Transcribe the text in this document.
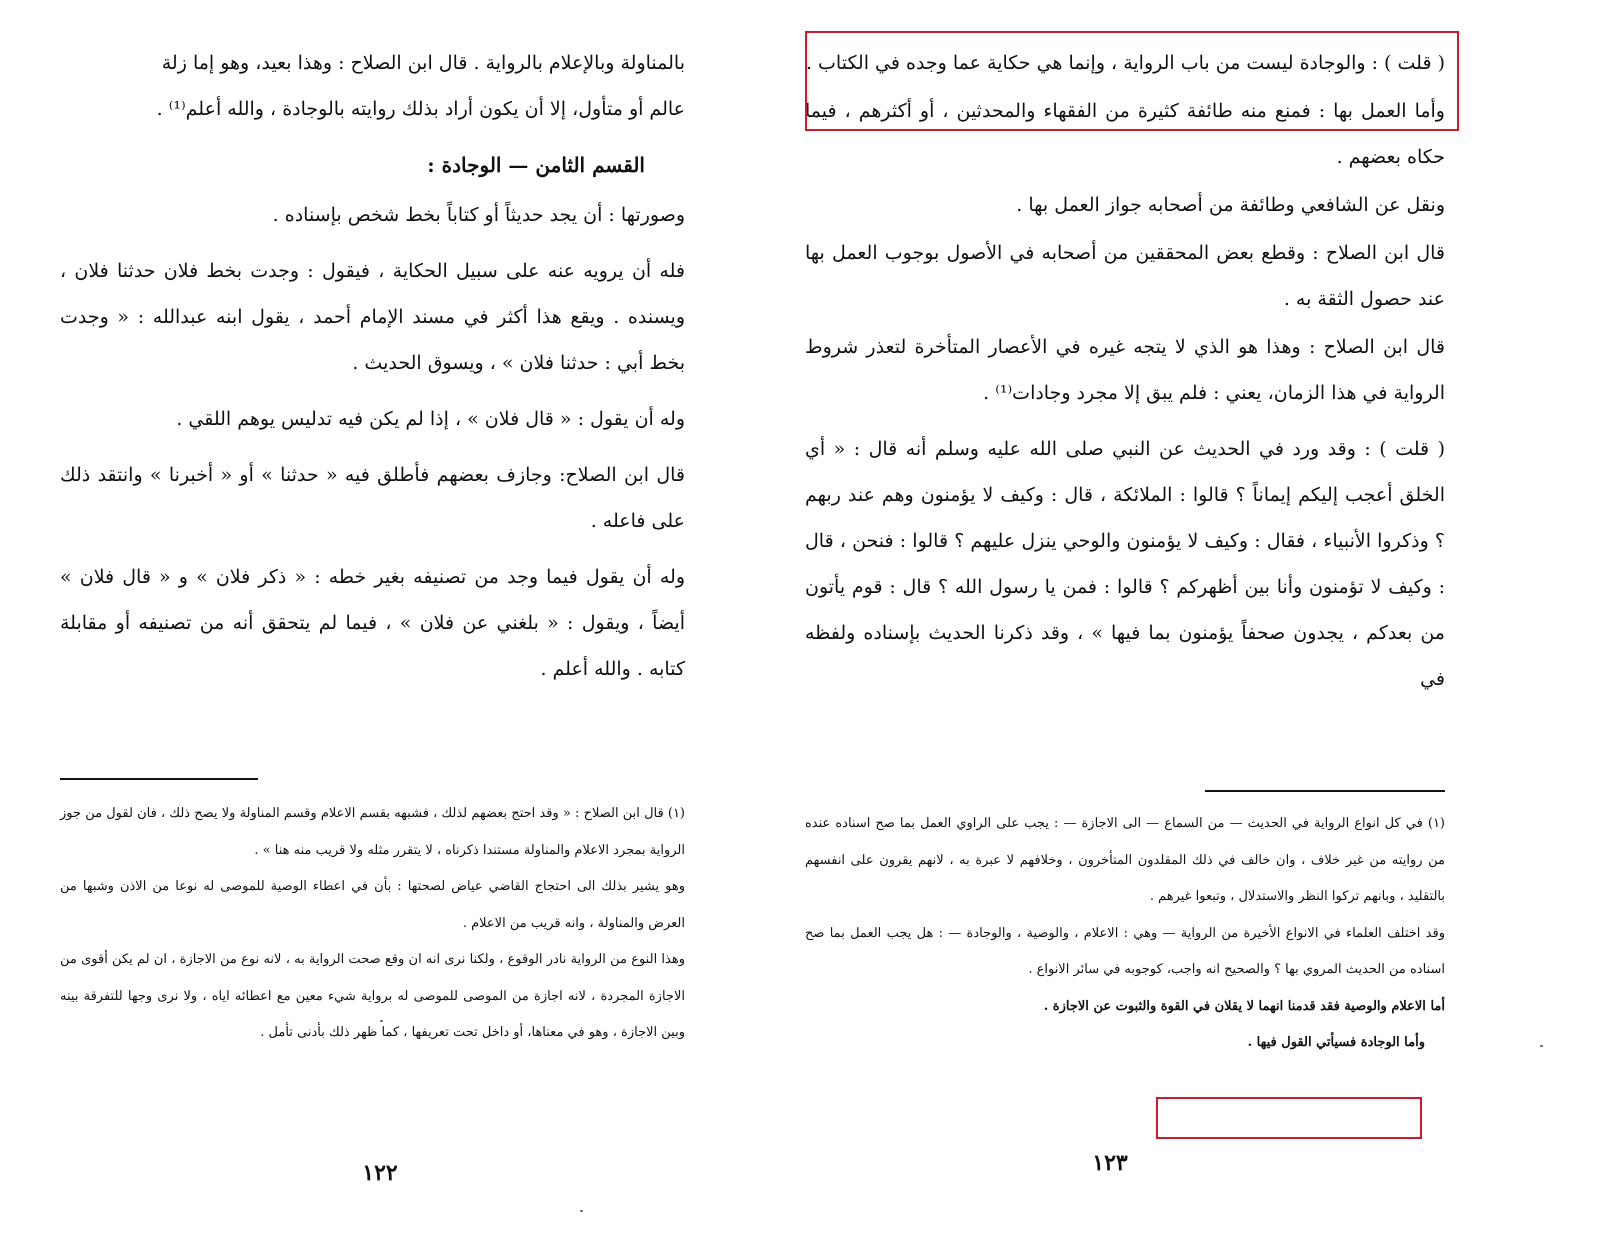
بالمناولة وبالإعلام بالرواية . قال ابن الصلاح : وهذا بعيد، وهو إما زلة

عالم أو متأول، إلا أن يكون أراد بذلك روايته بالوجادة ، والله أعلم⁽¹⁾ .

القسم الثامن — الوجادة :

وصورتها : أن يجد حديثاً أو كتاباً بخط شخص بإسناده .

فله أن يرويه عنه على سبيل الحكاية ، فيقول : وجدت بخط فلان حدثنا فلان ، ويسنده . ويقع هذا أكثر في مسند الإمام أحمد ، يقول ابنه عبدالله : « وجدت بخط أبي : حدثنا فلان » ، ويسوق الحديث .

وله أن يقول : « قال فلان » ، إذا لم يكن فيه تدليس يوهم اللقي .

قال ابن الصلاح: وجازف بعضهم فأطلق فيه « حدثنا » أو « أخبرنا » وانتقد ذلك على فاعله .

وله أن يقول فيما وجد من تصنيفه بغير خطه : « ذكر فلان » و « قال فلان » أيضاً ، ويقول : « بلغني عن فلان » ، فيما لم يتحقق أنه من تصنيفه أو مقابلة كتابه . والله أعلم .

(١) قال ابن الصلاح : « وقد احتج بعضهم لذلك ، فشبهه بقسم الاعلام وقسم المناولة ولا يصح ذلك ، فان لقول من جوز الرواية بمجرد الاعلام والمناولة مستندا ذكرناه ، لا يتقرر مثله ولا قريب منه هنا » .

وهو يشير بذلك الى احتجاج القاضي عياض لصحتها : بأن في اعطاء الوصية للموصى له نوعا من الاذن وشبها من العرض والمناولة ، وانه قريب من الاعلام .

وهذا النوع من الرواية نادر الوقوع ، ولكنا نرى انه ان وقع صحت الرواية به ، لانه نوع من الاجازة ، ان لم يكن أقوى من الاجازة المجردة ، لانه اجازة من الموصى للموصى له برواية شيء معين مع اعطائه اياه ، ولا نرى وجها للتفرقة بينه وبين الاجازة ، وهو في معناها، أو داخل تحت تعريفها ، كما ظهر ذلك بأدنى تأمل .

١٢٢

( قلت ) : والوجادة ليست من باب الرواية ، وإنما هي حكاية عما وجده في الكتاب .

وأما العمل بها : فمنع منه طائفة كثيرة من الفقهاء والمحدثين ، أو أكثرهم ، فيما حكاه بعضهم .

ونقل عن الشافعي وطائفة من أصحابه جواز العمل بها .

قال ابن الصلاح : وقطع بعض المحققين من أصحابه في الأصول بوجوب العمل بها عند حصول الثقة به .

قال ابن الصلاح : وهذا هو الذي لا يتجه غيره في الأعصار المتأخرة لتعذر شروط الرواية في هذا الزمان، يعني : فلم يبق إلا مجرد وجادات⁽¹⁾ .

( قلت ) : وقد ورد في الحديث عن النبي صلى الله عليه وسلم أنه قال : « أي الخلق أعجب إليكم إيماناً ؟ قالوا : الملائكة ، قال : وكيف لا يؤمنون وهم عند ربهم ؟ وذكروا الأنبياء ، فقال : وكيف لا يؤمنون والوحي ينزل عليهم ؟ قالوا : فنحن ، قال : وكيف لا تؤمنون وأنا بين أظهركم ؟ قالوا : فمن يا رسول الله ؟ قال : قوم يأتون من بعدكم ، يجدون صحفاً يؤمنون بما فيها » ، وقد ذكرنا الحديث بإسناده ولفظه في

(١) في كل انواع الرواية في الحديث — من السماع — الى الاجازة — : يجب على الراوي العمل بما صح اسناده عنده من روايته من غير خلاف ، وان خالف في ذلك المقلدون المتأخرون ، وخلافهم لا عبرة به ، لانهم يقرون على انفسهم بالتقليد ، وبانهم تركوا النظر والاستدلال ، وتبعوا غيرهم .

وقد اختلف العلماء في الانواع الأخيرة من الرواية — وهي : الاعلام ، والوصية ، والوجادة — : هل يجب العمل بما صح اسناده من الحديث المروي بها ؟ والصحيح انه واجب، كوجوبه في سائر الانواع .

أما الاعلام والوصية فقد قدمنا انهما لا يقلان في القوة والثبوت عن الاجازة .

وأما الوجادة فسيأتي القول فيها .

١٢٣
